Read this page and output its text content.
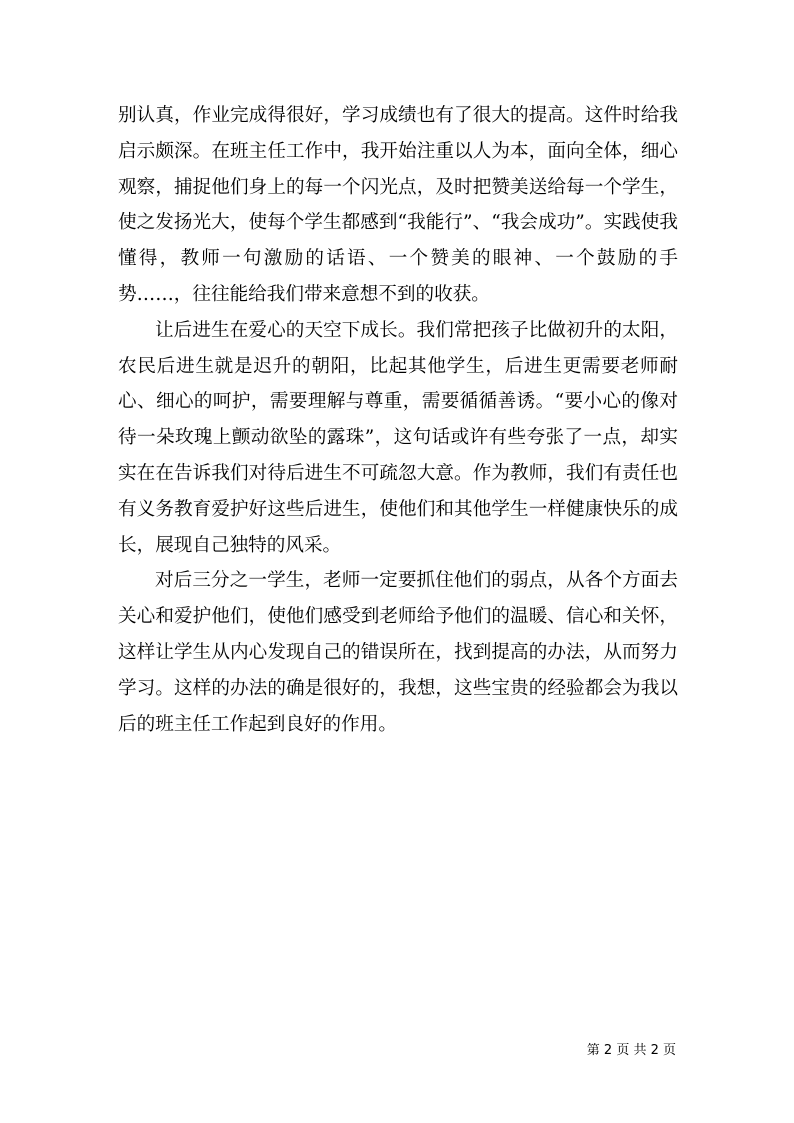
别认真，作业完成得很好，学习成绩也有了很大的提高。这件时给我启示颇深。在班主任工作中，我开始注重以人为本，面向全体，细心观察，捕捉他们身上的每一个闪光点，及时把赞美送给每一个学生，使之发扬光大，使每个学生都感到“我能行”、“我会成功”。实践使我懂得，教师一句激励的话语、一个赞美的眼神、一个鼓励的手势……，往往能给我们带来意想不到的收获。

让后进生在爱心的天空下成长。我们常把孩子比做初升的太阳，农民后进生就是迟升的朝阳，比起其他学生，后进生更需要老师耐心、细心的呵护，需要理解与尊重，需要循循善诱。“要小心的像对待一朵玫瑰上颤动欲坠的露珠”，这句话或许有些夸张了一点，却实实在在告诉我们对待后进生不可疏忽大意。作为教师，我们有责任也有义务教育爱护好这些后进生，使他们和其他学生一样健康快乐的成长，展现自己独特的风采。

对后三分之一学生，老师一定要抓住他们的弱点，从各个方面去关心和爱护他们，使他们感受到老师给予他们的温暖、信心和关怀，这样让学生从内心发现自己的错误所在，找到提高的办法，从而努力学习。这样的办法的确是很好的，我想，这些宝贵的经验都会为我以后的班主任工作起到良好的作用。

第 2 页 共 2 页
